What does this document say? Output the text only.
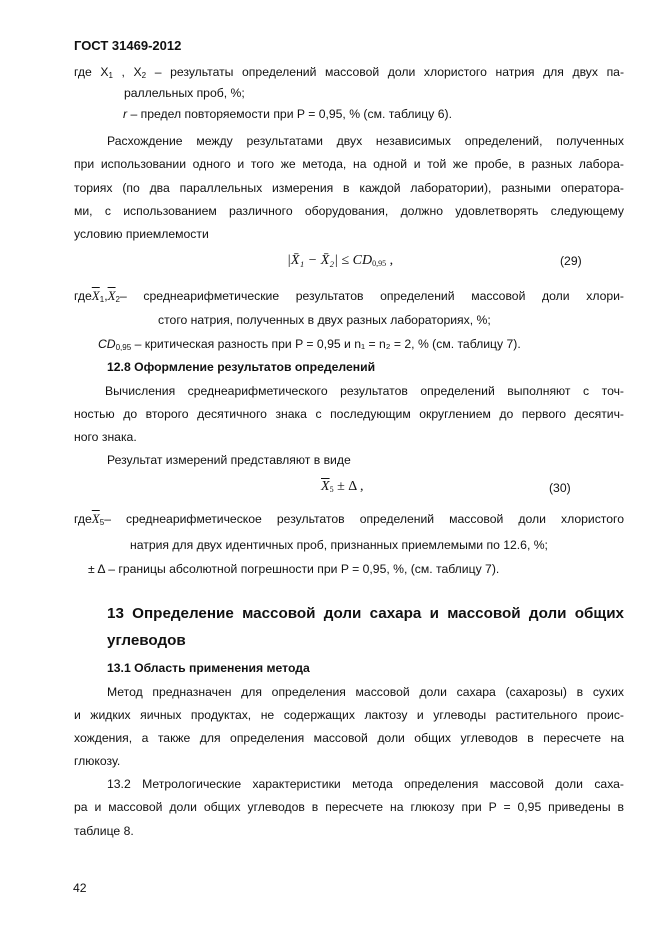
ГОСТ 31469-2012
где $X_1$ , $X_2$ – результаты определений массовой доли хлористого натрия для двух па-
раллельных проб, %;
r – предел повторяемости при P = 0,95, % (см. таблицу 6).
Расхождение между результатами двух независимых определений, полученных
при использовании одного и того же метода, на одной и той же пробе, в разных лабора-
ториях (по два параллельных измерения в каждой лаборатории), разными оператора-
ми, с использованием различного оборудования, должно удовлетворять следующему
условию приемлемости
|X̄₁ − X̄₂| ≤ $CD_{0,95}$ ,	(29)
$где\overline{X}_1,\overline{X}_2-$ среднеарифметические результатов определений массовой доли хлори-
стого натрия, полученных в двух разных лабораториях, %;
$CD_{0,95}$ – критическая разность при P = 0,95 и n₁ = n₂ = 2, % (см. таблицу 7).
12.8 Оформление результатов определений
Вычисления среднеарифметического результатов определений выполняют с точ-
ностью до второго десятичного знака с последующим округлением до первого десятич-
ного знака.
Результат измерений представляют в виде
$\overline{X}_5 \pm \Delta$ ,	(30)
$где\overline{X}_5-$ среднеарифметическое результатов определений массовой доли хлористого
натрия для двух идентичных проб, признанных приемлемыми по 12.6, %;
± Δ – границы абсолютной погрешности при P = 0,95, %, (см. таблицу 7).
13 Определение массовой доли сахара и массовой доли общих
углеводов
13.1 Область применения метода
Метод предназначен для определения массовой доли сахара (сахарозы) в сухих
и жидких яичных продуктах, не содержащих лактозу и углеводы растительного проис-
хождения, а также для определения массовой доли общих углеводов в пересчете на
глюкозу.
13.2 Метрологические характеристики метода определения массовой доли саха-
ра и массовой доли общих углеводов в пересчете на глюкозу при P = 0,95 приведены в
таблице 8.
42
